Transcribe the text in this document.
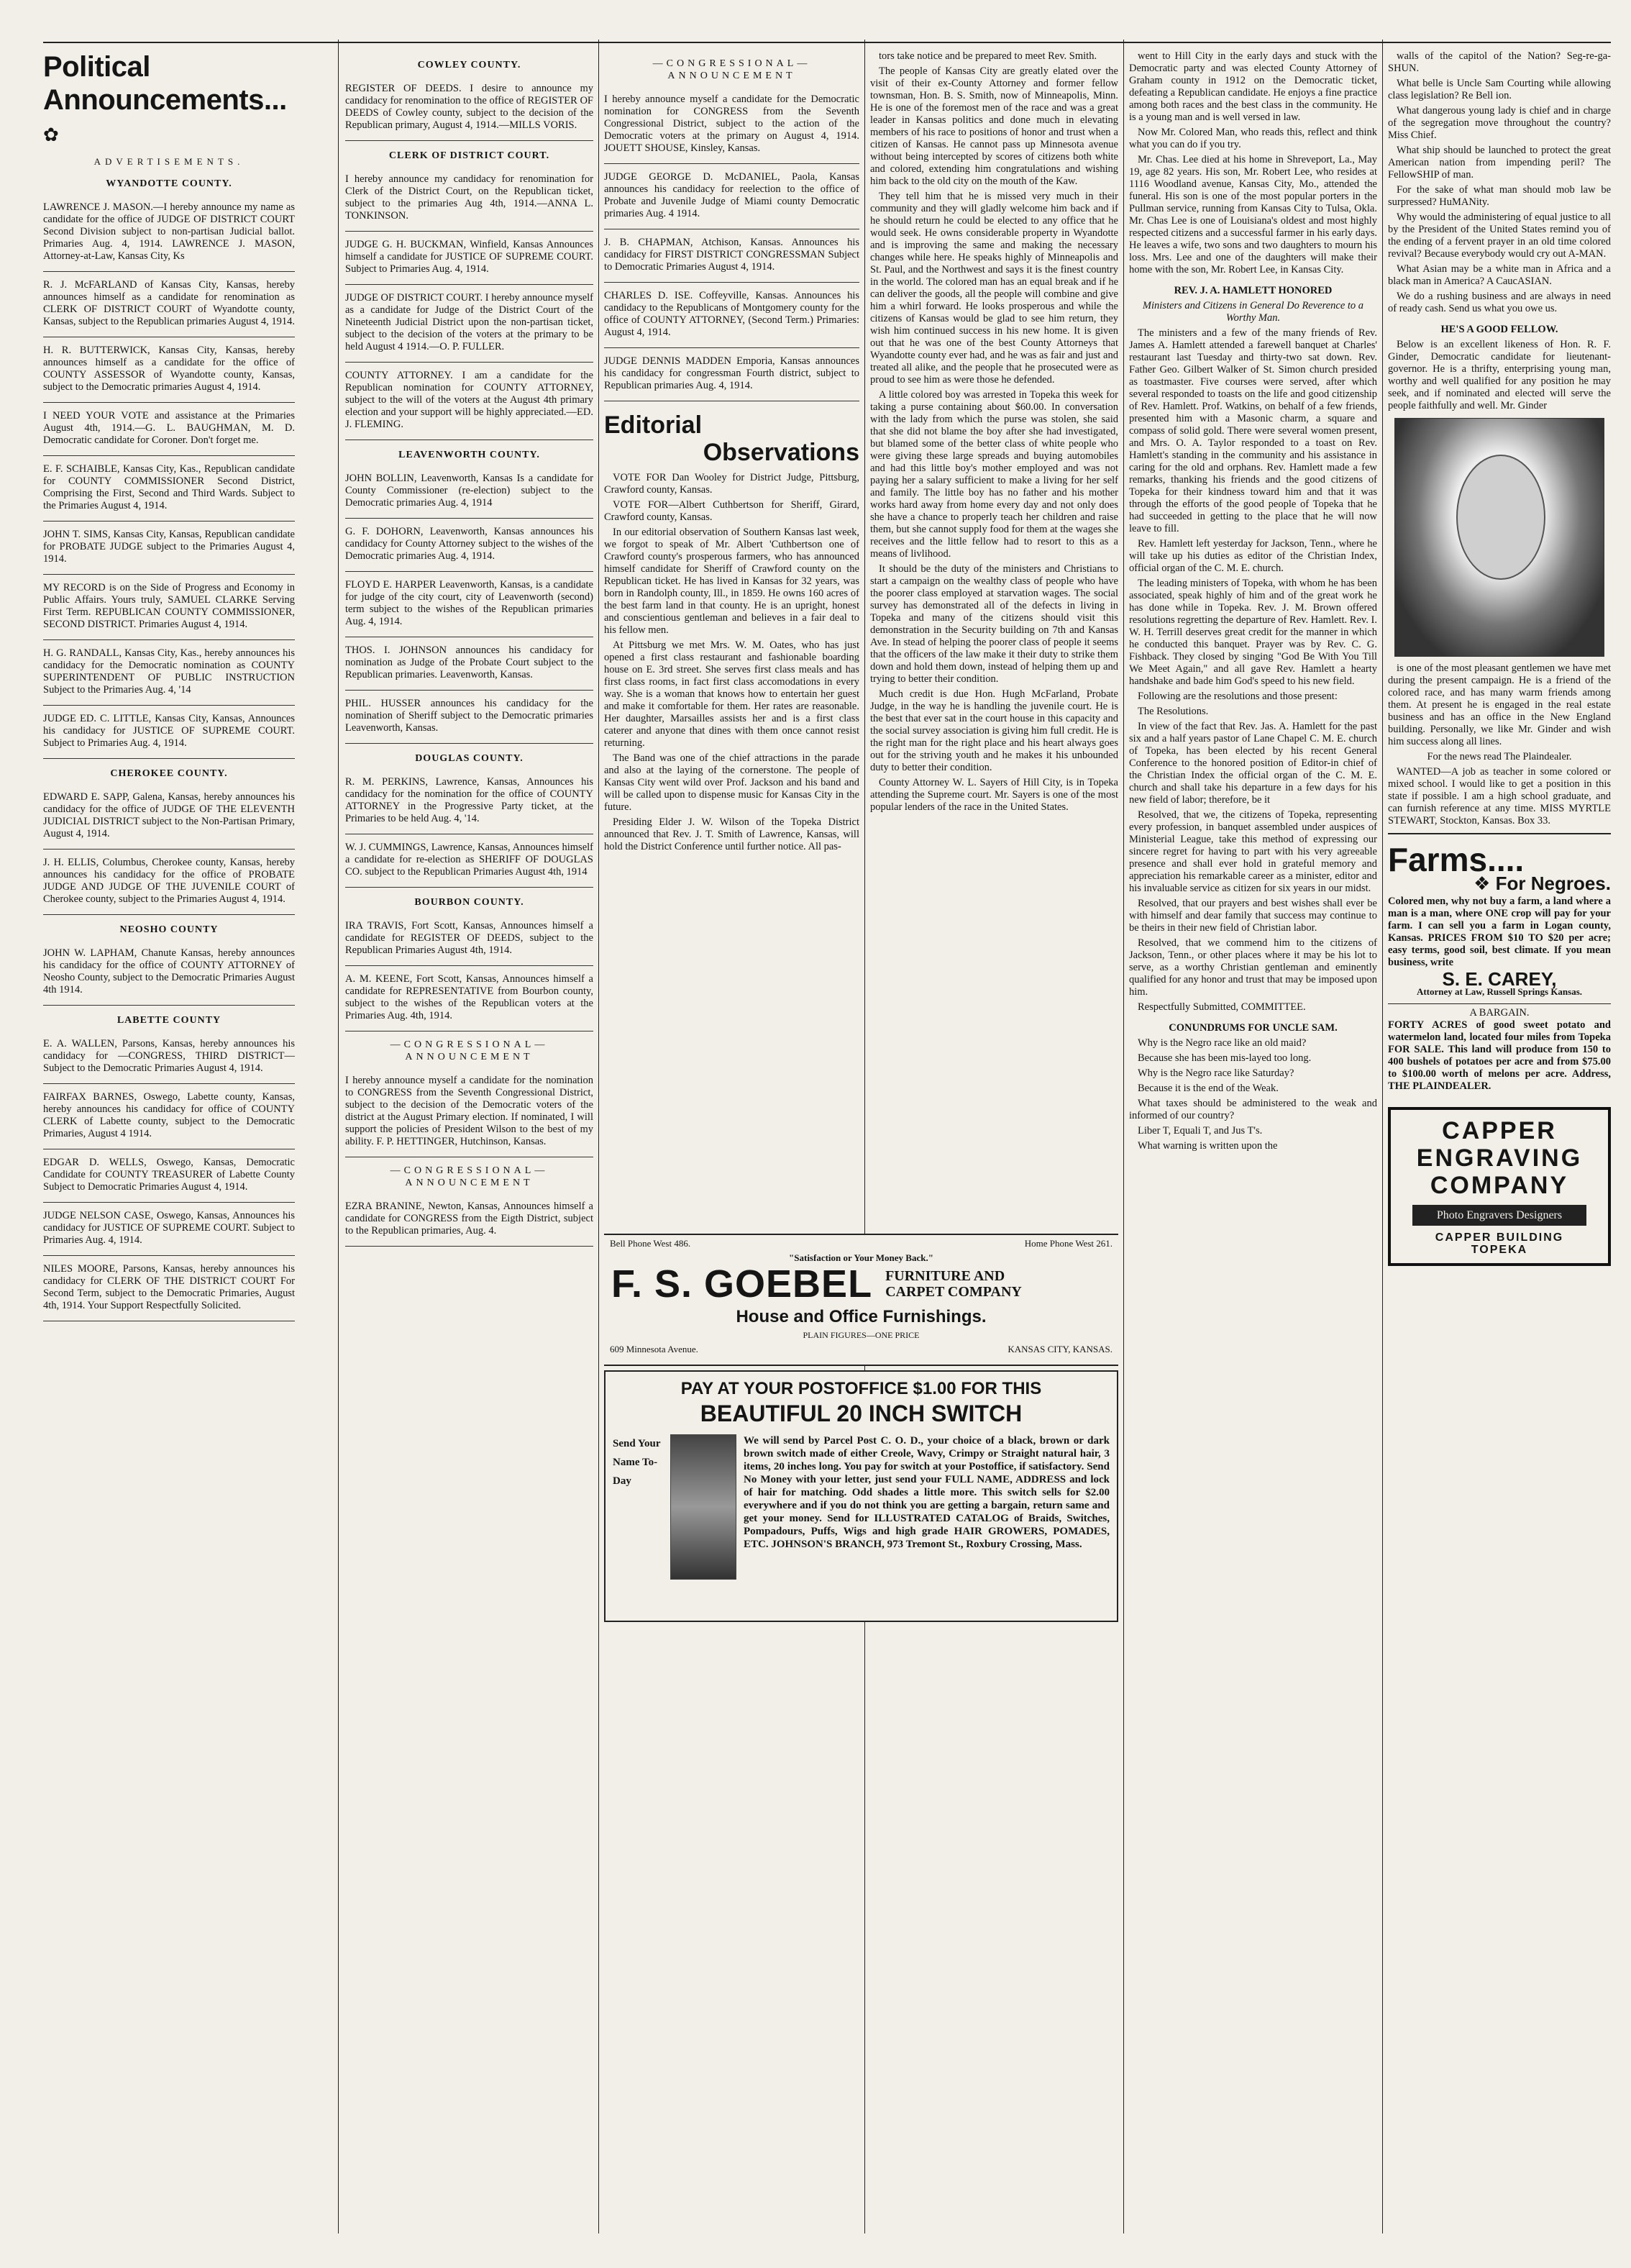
Political Announcements... ✿
ADVERTISEMENTS.
WYANDOTTE COUNTY.

LAWRENCE J. MASON.—I hereby announce my name as candidate for the office of JUDGE OF DISTRICT COURT Second Division subject to non-partisan Judicial ballot. Primaries Aug. 4, 1914. LAWRENCE J. MASON, Attorney-at-Law, Kansas City, Ks

R. J. McFARLAND of Kansas City, Kansas, hereby announces himself as a candidate for renomination as CLERK OF DISTRICT COURT of Wyandotte county, Kansas, subject to the Republican primaries August 4, 1914.

H. R. BUTTERWICK, Kansas City, Kansas, hereby announces himself as a candidate for the office of COUNTY ASSESSOR of Wyandotte county, Kansas, subject to the Democratic primaries August 4, 1914.

I NEED YOUR VOTE and assistance at the Primaries August 4th, 1914.—G. L. BAUGHMAN, M. D. Democratic candidate for Coroner. Don't forget me.

E. F. SCHAIBLE, Kansas City, Kas., Republican candidate for COUNTY COMMISSIONER Second District, Comprising the First, Second and Third Wards. Subject to the Primaries August 4, 1914.

JOHN T. SIMS, Kansas City, Kansas, Republican candidate for PROBATE JUDGE subject to the Primaries August 4, 1914.

MY RECORD is on the Side of Progress and Economy in Public Affairs. Yours truly, SAMUEL CLARKE Serving First Term. REPUBLICAN COUNTY COMMISSIONER, SECOND DISTRICT. Primaries August 4, 1914.

H. G. RANDALL, Kansas City, Kas., hereby announces his candidacy for the Democratic nomination as COUNTY SUPERINTENDENT OF PUBLIC INSTRUCTION Subject to the Primaries Aug. 4, '14

JUDGE ED. C. LITTLE, Kansas City, Kansas, Announces his candidacy for JUSTICE OF SUPREME COURT. Subject to Primaries Aug. 4, 1914.

CHEROKEE COUNTY.

EDWARD E. SAPP, Galena, Kansas, hereby announces his candidacy for the office of JUDGE OF THE ELEVENTH JUDICIAL DISTRICT subject to the Non-Partisan Primary, August 4, 1914.

J. H. ELLIS, Columbus, Cherokee county, Kansas, hereby announces his candidacy for the office of PROBATE JUDGE AND JUDGE OF THE JUVENILE COURT of Cherokee county, subject to the Primaries August 4, 1914.

NEOSHO COUNTY

JOHN W. LAPHAM, Chanute Kansas, hereby announces his candidacy for the office of COUNTY ATTORNEY of Neosho County, subject to the Democratic Primaries August 4th 1914.

LABETTE COUNTY

E. A. WALLEN, Parsons, Kansas, hereby announces his candidacy for —CONGRESS, THIRD DISTRICT— Subject to the Democratic Primaries August 4, 1914.

FAIRFAX BARNES, Oswego, Labette county, Kansas, hereby announces his candidacy for office of COUNTY CLERK of Labette county, subject to the Democratic Primaries, August 4 1914.

EDGAR D. WELLS, Oswego, Kansas, Democratic Candidate for COUNTY TREASURER of Labette County Subject to Democratic Primaries August 4, 1914.

JUDGE NELSON CASE, Oswego, Kansas, Announces his candidacy for JUSTICE OF SUPREME COURT. Subject to Primaries Aug. 4, 1914.

NILES MOORE, Parsons, Kansas, hereby announces his candidacy for CLERK OF THE DISTRICT COURT For Second Term, subject to the Democratic Primaries, August 4th, 1914. Your Support Respectfully Solicited.

COWLEY COUNTY.

REGISTER OF DEEDS. I desire to announce my candidacy for renomination to the office of REGISTER OF DEEDS of Cowley county, subject to the decision of the Republican primary, August 4, 1914.—MILLS VORIS.

CLERK OF DISTRICT COURT.

I hereby announce my candidacy for renomination for Clerk of the District Court, on the Republican ticket, subject to the primaries Aug 4th, 1914.—ANNA L. TONKINSON.

JUDGE G. H. BUCKMAN, Winfield, Kansas Announces himself a candidate for JUSTICE OF SUPREME COURT. Subject to Primaries Aug. 4, 1914.

JUDGE OF DISTRICT COURT. I hereby announce myself as a candidate for Judge of the District Court of the Nineteenth Judicial District upon the non-partisan ticket, subject to the decision of the voters at the primary to be held August 4 1914.—O. P. FULLER.

COUNTY ATTORNEY. I am a candidate for the Republican nomination for COUNTY ATTORNEY, subject to the will of the voters at the August 4th primary election and your support will be highly appreciated.—ED. J. FLEMING.

LEAVENWORTH COUNTY.

JOHN BOLLIN, Leavenworth, Kansas Is a candidate for County Commissioner (re-election) subject to the Democratic primaries Aug. 4, 1914

G. F. DOHORN, Leavenworth, Kansas announces his candidacy for County Attorney subject to the wishes of the Democratic primaries Aug. 4, 1914.

FLOYD E. HARPER Leavenworth, Kansas, is a candidate for judge of the city court, city of Leavenworth (second) term subject to the wishes of the Republican primaries Aug. 4, 1914.

THOS. I. JOHNSON announces his candidacy for nomination as Judge of the Probate Court subject to the Republican primaries. Leavenworth, Kansas.

PHIL. HUSSER announces his candidacy for the nomination of Sheriff subject to the Democratic primaries Leavenworth, Kansas.

DOUGLAS COUNTY.

R. M. PERKINS, Lawrence, Kansas, Announces his candidacy for the nomination for the office of COUNTY ATTORNEY in the Progressive Party ticket, at the Primaries to be held Aug. 4, '14.

W. J. CUMMINGS, Lawrence, Kansas, Announces himself a candidate for re-election as SHERIFF OF DOUGLAS CO. subject to the Republican Primaries August 4th, 1914

BOURBON COUNTY.

IRA TRAVIS, Fort Scott, Kansas, Announces himself a candidate for REGISTER OF DEEDS, subject to the Republican Primaries August 4th, 1914.

A. M. KEENE, Fort Scott, Kansas, Announces himself a candidate for REPRESENTATIVE from Bourbon county, subject to the wishes of the Republican voters at the Primaries Aug. 4th, 1914.

—CONGRESSIONAL— ANNOUNCEMENT

I hereby announce myself a candidate for the nomination to CONGRESS from the Seventh Congressional District, subject to the decision of the Democratic voters of the district at the August Primary election. If nominated, I will support the policies of President Wilson to the best of my ability. F. P. HETTINGER, Hutchinson, Kansas.

—CONGRESSIONAL— ANNOUNCEMENT

EZRA BRANINE, Newton, Kansas, Announces himself a candidate for CONGRESS from the Eigth District, subject to the Republican primaries, Aug. 4.

—CONGRESSIONAL— ANNOUNCEMENT

I hereby announce myself a candidate for the Democratic nomination for CONGRESS from the Seventh Congressional District, subject to the action of the Democratic voters at the primary on August 4, 1914. JOUETT SHOUSE, Kinsley, Kansas.

JUDGE GEORGE D. McDANIEL, Paola, Kansas announces his candidacy for reelection to the office of Probate and Juvenile Judge of Miami county Democratic primaries Aug. 4 1914.

J. B. CHAPMAN, Atchison, Kansas. Announces his candidacy for FIRST DISTRICT CONGRESSMAN Subject to Democratic Primaries August 4, 1914.

CHARLES D. ISE. Coffeyville, Kansas. Announces his candidacy to the Republicans of Montgomery county for the office of COUNTY ATTORNEY, (Second Term.) Primaries: August 4, 1914.

JUDGE DENNIS MADDEN Emporia, Kansas announces his candidacy for congressman Fourth district, subject to Republican primaries Aug. 4, 1914.

Editorial
Observations

VOTE FOR Dan Wooley for District Judge, Pittsburg, Crawford county, Kansas.

VOTE FOR—Albert Cuthbertson for Sheriff, Girard, Crawford county, Kansas.

In our editorial observation of Southern Kansas last week, we forgot to speak of Mr. Albert 'Cuthbertson one of Crawford county's prosperous farmers, who has announced himself candidate for Sheriff of Crawford county on the Republican ticket. He has lived in Kansas for 32 years, was born in Randolph county, Ill., in 1859. He owns 160 acres of the best farm land in that county. He is an upright, honest and conscientious gentleman and believes in a fair deal to his fellow men.

At Pittsburg we met Mrs. W. M. Oates, who has just opened a first class restaurant and fashionable boarding house on E. 3rd street. She serves first class meals and has first class rooms, in fact first class accomodations in every way. She is a woman that knows how to entertain her guest and make it comfortable for them. Her rates are reasonable. Her daughter, Marsailles assists her and is a first class caterer and anyone that dines with them once cannot resist returning.

The Band was one of the chief attractions in the parade and also at the laying of the cornerstone. The people of Kansas City went wild over Prof. Jackson and his band and will be called upon to dispense music for Kansas City in the future.

Presiding Elder J. W. Wilson of the Topeka District announced that Rev. J. T. Smith of Lawrence, Kansas, will hold the District Conference until further notice. All pas-

tors take notice and be prepared to meet Rev. Smith.

The people of Kansas City are greatly elated over the visit of their ex-County Attorney and former fellow townsman, Hon. B. S. Smith, now of Minneapolis, Minn. He is one of the foremost men of the race and was a great leader in Kansas politics and done much in elevating members of his race to positions of honor and trust when a citizen of Kansas. He cannot pass up Minnesota avenue without being intercepted by scores of citizens both white and colored, extending him congratulations and wishing him back to the old city on the mouth of the Kaw.

They tell him that he is missed very much in their community and they will gladly welcome him back and if he should return he could be elected to any office that he would seek. He owns considerable property in Wyandotte and is improving the same and making the necessary changes while here. He speaks highly of Minneapolis and St. Paul, and the Northwest and says it is the finest country in the world. The colored man has an equal break and if he can deliver the goods, all the people will combine and give him a whirl forward. He looks prosperous and while the citizens of Kansas would be glad to see him return, they wish him continued success in his new home. It is given out that he was one of the best County Attorneys that Wyandotte county ever had, and he was as fair and just and treated all alike, and the people that he prosecuted were as proud to see him as were those he defended.

A little colored boy was arrested in Topeka this week for taking a purse containing about $60.00. In conversation with the lady from which the purse was stolen, she said that she did not blame the boy after she had investigated, but blamed some of the better class of white people who were giving these large spreads and buying automobiles and had this little boy's mother employed and was not paying her a salary sufficient to make a living for her self and family. The little boy has no father and his mother works hard away from home every day and not only does she have a chance to properly teach her children and raise them, but she cannot supply food for them at the wages she receives and the little fellow had to resort to this as a means of livlihood.

It should be the duty of the ministers and Christians to start a campaign on the wealthy class of people who have the poorer class employed at starvation wages. The social survey has demonstrated all of the defects in living in Topeka and many of the citizens should visit this demonstration in the Security building on 7th and Kansas Ave. In stead of helping the poorer class of people it seems that the officers of the law make it their duty to strike them down and hold them down, instead of helping them up and trying to better their condition.

Much credit is due Hon. Hugh McFarland, Probate Judge, in the way he is handling the juvenile court. He is the best that ever sat in the court house in this capacity and the social survey association is giving him full credit. He is the right man for the right place and his heart always goes out for the striving youth and he makes it his unbounded duty to better their condition.

County Attorney W. L. Sayers of Hill City, is in Topeka attending the Supreme court. Mr. Sayers is one of the most popular lenders of the race in the United States.

Bell Phone West 486.	Home Phone West 261.
"Satisfaction or Your Money Back."
F. S. GOEBEL FURNITURE AND CARPET COMPANY
House and Office Furnishings.
PLAIN FIGURES—ONE PRICE
609 Minnesota Avenue.	KANSAS CITY, KANSAS.
PAY AT YOUR POSTOFFICE $1.00 FOR THIS
BEAUTIFUL 20 INCH SWITCH
Send Your Name To-Day
We will send by Parcel Post C. O. D., your choice of a black, brown or dark brown switch made of either Creole, Wavy, Crimpy or Straight natural hair, 3 items, 20 inches long. You pay for switch at your Postoffice, if satisfactory. Send No Money with your letter, just send your FULL NAME, ADDRESS and lock of hair for matching. Odd shades a little more. This switch sells for $2.00 everywhere and if you do not think you are getting a bargain, return same and get your money. Send for ILLUSTRATED CATALOG of Braids, Switches, Pompadours, Puffs, Wigs and high grade HAIR GROWERS, POMADES, ETC. JOHNSON'S BRANCH, 973 Tremont St., Roxbury Crossing, Mass.

went to Hill City in the early days and stuck with the Democratic party and was elected County Attorney of Graham county in 1912 on the Democratic ticket, defeating a Republican candidate. He enjoys a fine practice among both races and the best class in the community. He is a young man and is well versed in law.

Now Mr. Colored Man, who reads this, reflect and think what you can do if you try.

Mr. Chas. Lee died at his home in Shreveport, La., May 19, age 82 years. His son, Mr. Robert Lee, who resides at 1116 Woodland avenue, Kansas City, Mo., attended the funeral. His son is one of the most popular porters in the Pullman service, running from Kansas City to Tulsa, Okla. Mr. Chas Lee is one of Louisiana's oldest and most highly respected citizens and a successful farmer in his early days. He leaves a wife, two sons and two daughters to mourn his loss. Mrs. Lee and one of the daughters will make their home with the son, Mr. Robert Lee, in Kansas City.

REV. J. A. HAMLETT HONORED

Ministers and Citizens in General Do Reverence to a Worthy Man.

The ministers and a few of the many friends of Rev. James A. Hamlett attended a farewell banquet at Charles' restaurant last Tuesday and thirty-two sat down. Rev. Father Geo. Gilbert Walker of St. Simon church presided as toastmaster. Five courses were served, after which several responded to toasts on the life and good citizenship of Rev. Hamlett. Prof. Watkins, on behalf of a few friends, presented him with a Masonic charm, a square and compass of solid gold. There were several women present, and Mrs. O. A. Taylor responded to a toast on Rev. Hamlett's standing in the community and his assistance in caring for the old and orphans. Rev. Hamlett made a few remarks, thanking his friends and the good citizens of Topeka for their kindness toward him and that it was through the efforts of the good people of Topeka that he had succeeded in getting to the place that he will now leave to fill.

Rev. Hamlett left yesterday for Jackson, Tenn., where he will take up his duties as editor of the Christian Index, official organ of the C. M. E. church.

The leading ministers of Topeka, with whom he has been associated, speak highly of him and of the great work he has done while in Topeka. Rev. J. M. Brown offered resolutions regretting the departure of Rev. Hamlett. Rev. I. W. H. Terrill deserves great credit for the manner in which he conducted this banquet. Prayer was by Rev. C. G. Fishback. They closed by singing "God Be With You Till We Meet Again," and all gave Rev. Hamlett a hearty handshake and bade him God's speed to his new field.

Following are the resolutions and those present:

The Resolutions.

In view of the fact that Rev. Jas. A. Hamlett for the past six and a half years pastor of Lane Chapel C. M. E. church of Topeka, has been elected by his recent General Conference to the honored position of Editor-in chief of the Christian Index the official organ of the C. M. E. church and shall take his departure in a few days for his new field of labor; therefore, be it

Resolved, that we, the citizens of Topeka, representing every profession, in banquet assembled under auspices of Ministerial League, take this method of expressing our sincere regret for having to part with his very agreeable presence and shall ever hold in grateful memory and appreciation his remarkable career as a minister, editor and his invaluable service as citizen for six years in our midst.

Resolved, that our prayers and best wishes shall ever be with himself and dear family that success may continue to be theirs in their new field of Christian labor.

Resolved, that we commend him to the citizens of Jackson, Tenn., or other places where it may be his lot to serve, as a worthy Christian gentleman and eminently qualified for any honor and trust that may be imposed upon him.

Respectfully Submitted, COMMITTEE.

CONUNDRUMS FOR UNCLE SAM.

Why is the Negro race like an old maid?

Because she has been mis-layed too long.

Why is the Negro race like Saturday?

Because it is the end of the Weak.

What taxes should be administered to the weak and informed of our country?

Liber T, Equali T, and Jus T's.

What warning is written upon the

walls of the capitol of the Nation? Seg-re-ga-SHUN.

What belle is Uncle Sam Courting while allowing class legislation? Re Bell ion.

What dangerous young lady is chief and in charge of the segregation move throughout the country? Miss Chief.

What ship should be launched to protect the great American nation from impending peril? The FellowSHIP of man.

For the sake of what man should mob law be surpressed? HuMANity.

Why would the administering of equal justice to all by the President of the United States remind you of the ending of a fervent prayer in an old time colored revival? Because everybody would cry out A-MAN.

What Asian may be a white man in Africa and a black man in America? A CaucASIAN.

We do a rushing business and are always in need of ready cash. Send us what you owe us.

HE'S A GOOD FELLOW.

Below is an excellent likeness of Hon. R. F. Ginder, Democratic candidate for lieutenant-governor. He is a thrifty, enterprising young man, worthy and well qualified for any position he may seek, and if nominated and elected will serve the people faithfully and well. Mr. Ginder

is one of the most pleasant gentlemen we have met during the present campaign. He is a friend of the colored race, and has many warm friends among them. At present he is engaged in the real estate business and has an office in the New England building. Personally, we like Mr. Ginder and wish him success along all lines.

For the news read The Plaindealer.

WANTED—A job as teacher in some colored or mixed school. I would like to get a position in this state if possible. I am a high school graduate, and can furnish reference at any time. MISS MYRTLE STEWART, Stockton, Kansas. Box 33.

Farms....
❖ For Negroes.

Colored men, why not buy a farm, a land where a man is a man, where ONE crop will pay for your farm. I can sell you a farm in Logan county, Kansas. PRICES FROM $10 TO $20 per acre; easy terms, good soil, best climate. If you mean business, write

S. E. CAREY,
Attorney at Law, Russell Springs Kansas.
A BARGAIN.

FORTY ACRES of good sweet potato and watermelon land, located four miles from Topeka FOR SALE. This land will produce from 150 to 400 bushels of potatoes per acre and from $75.00 to $100.00 worth of melons per acre. Address, THE PLAINDEALER.

CAPPER
ENGRAVING
COMPANY
Photo Engravers Designers
CAPPER BUILDING
TOPEKA
